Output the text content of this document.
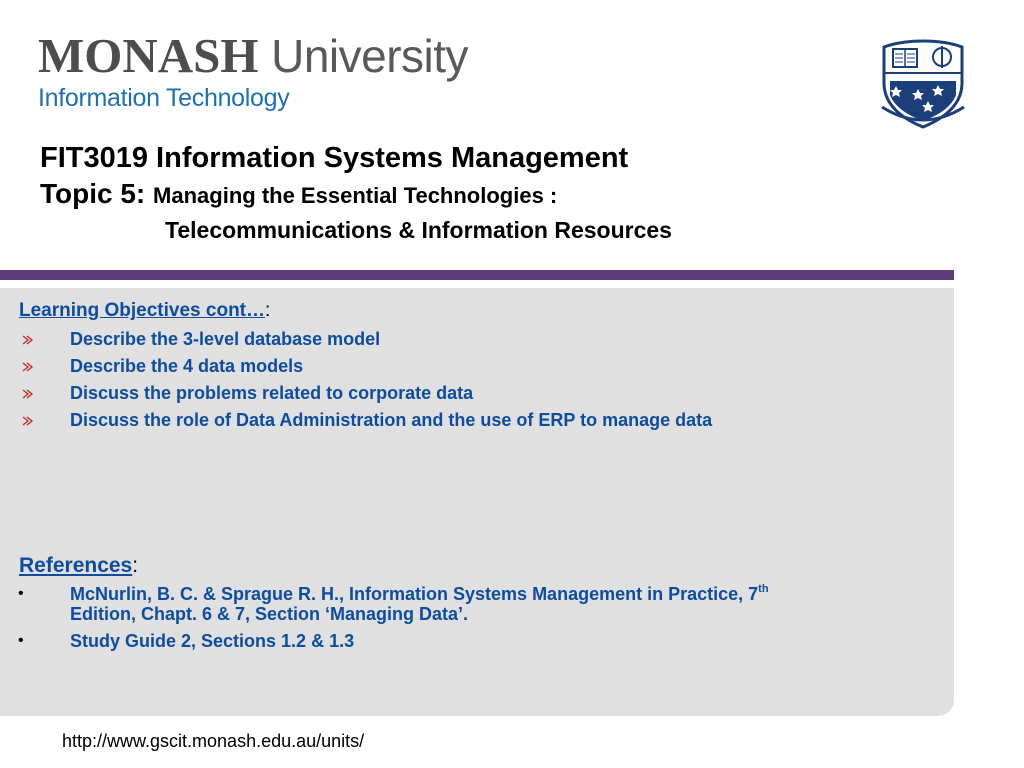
MONASH University
Information Technology
FIT3019 Information Systems Management
Topic 5: Managing the Essential Technologies :
Telecommunications & Information Resources
Learning Objectives cont…:
Describe the 3-level database model
Describe the 4 data models
Discuss the problems related to corporate data
Discuss the role of Data Administration and the use of ERP to manage data
References:
•	McNurlin, B. C. & Sprague R. H., Information Systems Management in Practice, 7th
Edition, Chapt. 6 & 7, Section ‘Managing Data’.
•	Study Guide 2, Sections 1.2 & 1.3
http://www.gscit.monash.edu.au/units/
